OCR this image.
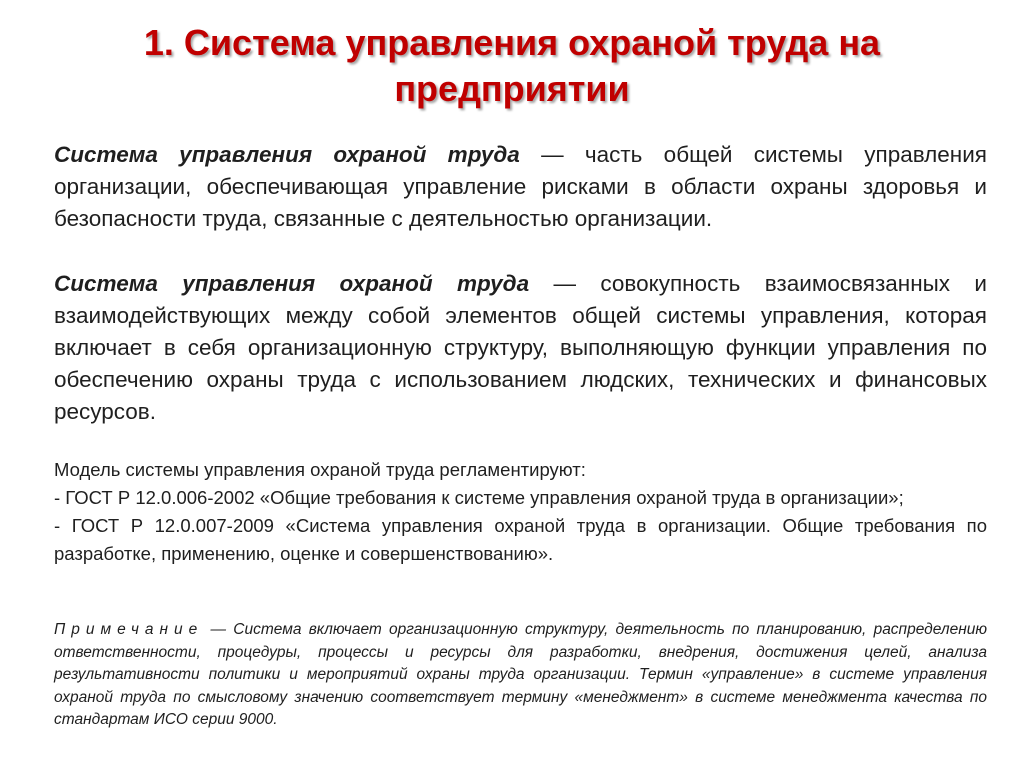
1. Система управления охраной труда на предприятии

Система управления охраной труда — часть общей системы управления организации, обеспечивающая управление рисками в области охраны здоровья и безопасности труда, связанные с деятельностью организации.

Система управления охраной труда — совокупность взаимосвязанных и взаимодействующих между собой элементов общей системы управления, которая включает в себя организационную структуру, выполняющую функции управления по обеспечению охраны труда с использованием людских, технических и финансовых ресурсов.

Модель системы управления охраной труда регламентируют:
- ГОСТ Р 12.0.006-2002 «Общие требования к системе управления охраной труда в организации»;
- ГОСТ Р 12.0.007-2009 «Система управления охраной труда в организации. Общие требования по разработке, применению, оценке и совершенствованию».

Примечание — Система включает организационную структуру, деятельность по планированию, распределению ответственности, процедуры, процессы и ресурсы для разработки, внедрения, достижения целей, анализа результативности политики и мероприятий охраны труда организации. Термин «управление» в системе управления охраной труда по смысловому значению соответствует термину «менеджмент» в системе менеджмента качества по стандартам ИСО серии 9000.
